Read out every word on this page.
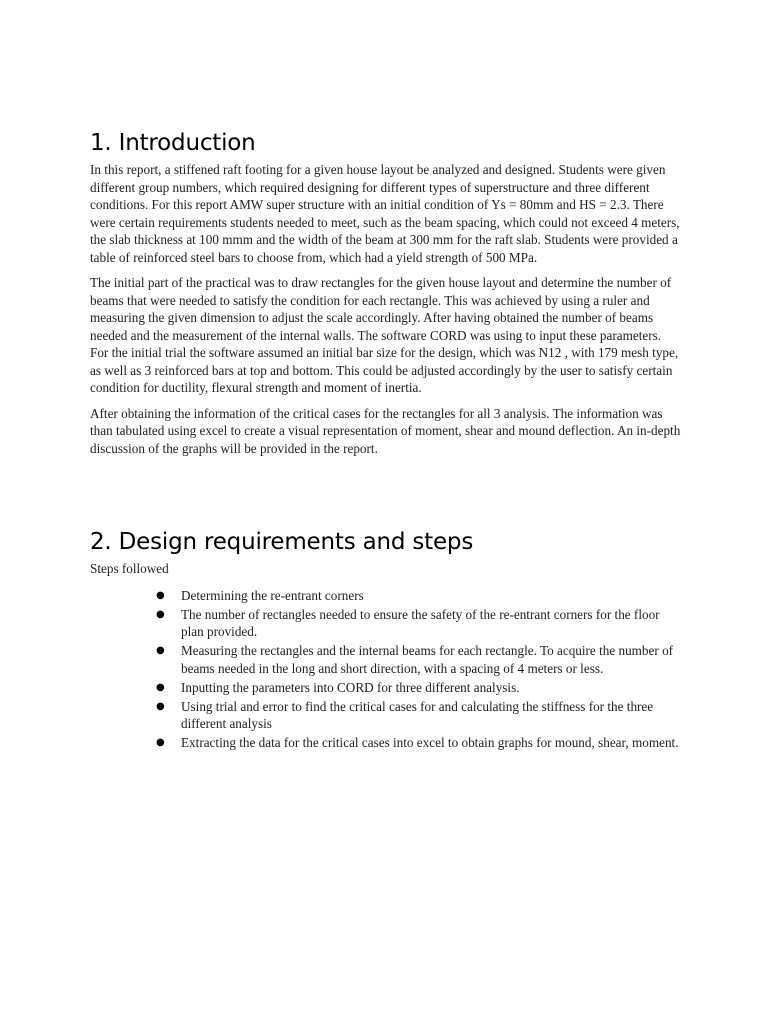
1. Introduction

In this report, a stiffened raft footing for a given house layout be analyzed and designed. Students were given different group numbers, which required designing for different types of superstructure and three different conditions. For this report AMW super structure with an initial condition of Ys = 80mm and HS = 2.3. There were certain requirements students needed to meet, such as the beam spacing, which could not exceed 4 meters, the slab thickness at 100 mmm and the width of the beam at 300 mm for the raft slab. Students were provided a table of reinforced steel bars to choose from, which had a yield strength of 500 MPa.

The initial part of the practical was to draw rectangles for the given house layout and determine the number of beams that were needed to satisfy the condition for each rectangle. This was achieved by using a ruler and measuring the given dimension to adjust the scale accordingly. After having obtained the number of beams needed and the measurement of the internal walls. The software CORD was using to input these parameters. For the initial trial the software assumed an initial bar size for the design, which was N12 , with 179 mesh type, as well as 3 reinforced bars at top and bottom. This could be adjusted accordingly by the user to satisfy certain condition for ductility, flexural strength and moment of inertia.

After obtaining the information of the critical cases for the rectangles for all 3 analysis. The information was than tabulated using excel to create a visual representation of moment, shear and mound deflection. An in-depth discussion of the graphs will be provided in the report.

2. Design requirements and steps

Steps followed

● Determining the re-entrant corners
● The number of rectangles needed to ensure the safety of the re-entrant corners for the floor plan provided.
● Measuring the rectangles and the internal beams for each rectangle. To acquire the number of beams needed in the long and short direction, with a spacing of 4 meters or less.
● Inputting the parameters into CORD for three different analysis.
● Using trial and error to find the critical cases for and calculating the stiffness for the three different analysis
● Extracting the data for the critical cases into excel to obtain graphs for mound, shear, moment.
